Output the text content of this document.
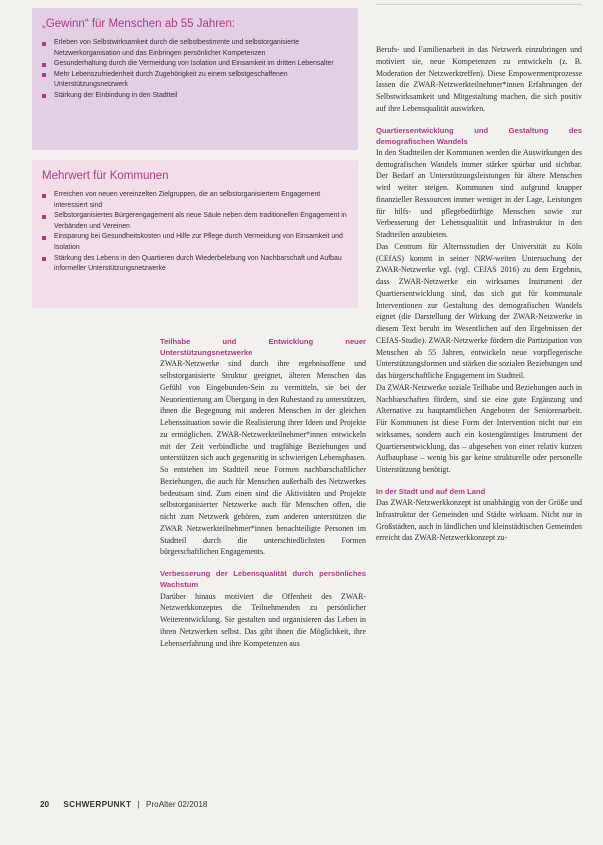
„Gewinn“ für Menschen ab 55 Jahren:
Erleben von Selbstwirksamkeit durch die selbstbestimmte und selbstorganisierte Netzwerkorganisation und das Einbringen persönlicher Kompetenzen
Gesunderhaltung durch die Vermeidung von Isolation und Einsamkeit im dritten Lebensalter
Mehr Lebenszufriedenheit durch Zugehörigkeit zu einem selbstgeschaffenen Unterstützungsnetzwerk
Stärkung der Einbindung in den Stadtteil
Mehrwert für Kommunen
Erreichen von neuen vereinzelten Zielgruppen, die an selbstorganisiertem Engagement interessiert sind
Selbstorganisiertes Bürgerengagement als neue Säule neben dem traditionellen Engagement in Verbänden und Vereinen
Einsparung bei Gesundheitskosten und Hilfe zur Pflege durch Vermeidung von Einsamkeit und Isolation
Stärkung des Lebens in den Quartieren durch Wiederbelebung von Nachbarschaft und Aufbau informeller Unterstützungsnetzwerke
Teilhabe und Entwicklung neuer Unterstützungsnetzwerke

ZWAR-Netzwerke sind durch ihre ergebnisoffene und selbstorganisierte Struktur geeignet, älteren Menschen das Gefühl von Eingebunden-Sein zu vermitteln, sie bei der Neuorientierung am Übergang in den Ruhestand zu unterstützen, ihnen die Begegnung mit anderen Menschen in der gleichen Lebenssituation sowie die Realisierung ihrer Ideen und Projekte zu ermöglichen. ZWAR-Netzwerkteilnehmer*innen entwickeln mit der Zeit verbindliche und tragfähige Beziehungen und unterstützen sich auch gegenseitig in schwierigen Lebensphasen. So entstehen im Stadtteil neue Formen nachbarschaftlicher Beziehungen, die auch für Menschen außerhalb des Netzwerkes bedeutsam sind. Zum einen sind die Aktivitäten und Projekte selbstorganisierter Netzwerke auch für Menschen offen, die nicht zum Netzwerk gehören, zum anderen unterstützen die ZWAR Netzwerkteilnehmer*innen benachteiligte Personen im Stadtteil durch die unterschiedlichsten Formen bürgerschaftlichen Engagements.

Verbesserung der Lebensqualität durch persönliches Wachstum

Darüber hinaus motiviert die Offenheit des ZWAR-Netzwerkkonzeptes die Teilnehmenden zu persönlicher Weiterentwicklung. Sie gestalten und organisieren das Leben in ihren Netzwerken selbst. Das gibt ihnen die Möglichkeit, ihre Lebenserfahrung und ihre Kompetenzen aus

Berufs- und Familienarbeit in das Netzwerk einzubringen und motiviert sie, neue Kompetenzen zu entwickeln (z. B. Moderation der Netzwerktreffen). Diese Empowermentprozesse lassen die ZWAR-Netzwerkteilnehmer*innen Erfahrungen der Selbstwirksamkeit und Mitgestaltung machen, die sich positiv auf ihre Lebensqualität auswirken.

Quartiersentwicklung und Gestaltung des demografischen Wandels

In den Stadtteilen der Kommunen werden die Auswirkungen des demografischen Wandels immer stärker spürbar und sichtbar. Der Bedarf an Unterstützungsleistungen für ältere Menschen wird weiter steigen. Kommunen sind aufgrund knapper finanzieller Ressourcen immer weniger in der Lage, Leistungen für hilfs- und pflegebedürftige Menschen sowie zur Verbesserung der Lebensqualität und Infrastruktur in den Stadtteilen anzubieten.

Das Centrum für Alternsstudien der Universität zu Köln (CEfAS) kommt in seiner NRW-weiten Untersuchung der ZWAR-Netzwerke vgl. (vgl. CEfAS 2016) zu dem Ergebnis, dass ZWAR-Netzwerke ein wirksames Instrument der Quartiersentwicklung sind, das sich gut für kommunale Interventionen zur Gestaltung des demografischen Wandels eignet (die Darstellung der Wirkung der ZWAR-Netzwerke in diesem Text beruht im Wesentlichen auf den Ergebnissen der CEfAS-Studie). ZWAR-Netzwerke fördern die Partizipation von Menschen ab 55 Jahren, entwickeln neue vorpflegerische Unterstützungsformen und stärken die sozialen Beziehungen und das bürgerschaftliche Engagement im Stadtteil.

Da ZWAR-Netzwerke soziale Teilhabe und Beziehungen auch in Nachbarschaften fördern, sind sie eine gute Ergänzung und Alternative zu hauptamtlichen Angeboten der Seniorenarbeit. Für Kommunen ist diese Form der Intervention nicht nur ein wirksames, sondern auch ein kostengünstiges Instrument der Quartiersentwicklung, das – abgesehen von einer relativ kurzen Aufbauphase – wenig bis gar keine strukturelle oder personelle Unterstützung benötigt.

In der Stadt und auf dem Land

Das ZWAR-Netzwerkkonzept ist unabhängig von der Größe und Infrastruktur der Gemeinden und Städte wirksam. Nicht nur in Großstädten, auch in ländlichen und kleinstädtischen Gemeinden erreicht das ZWAR-Netzwerkkonzept zu-

20 SCHWERPUNKT | ProAlter 02/2018
